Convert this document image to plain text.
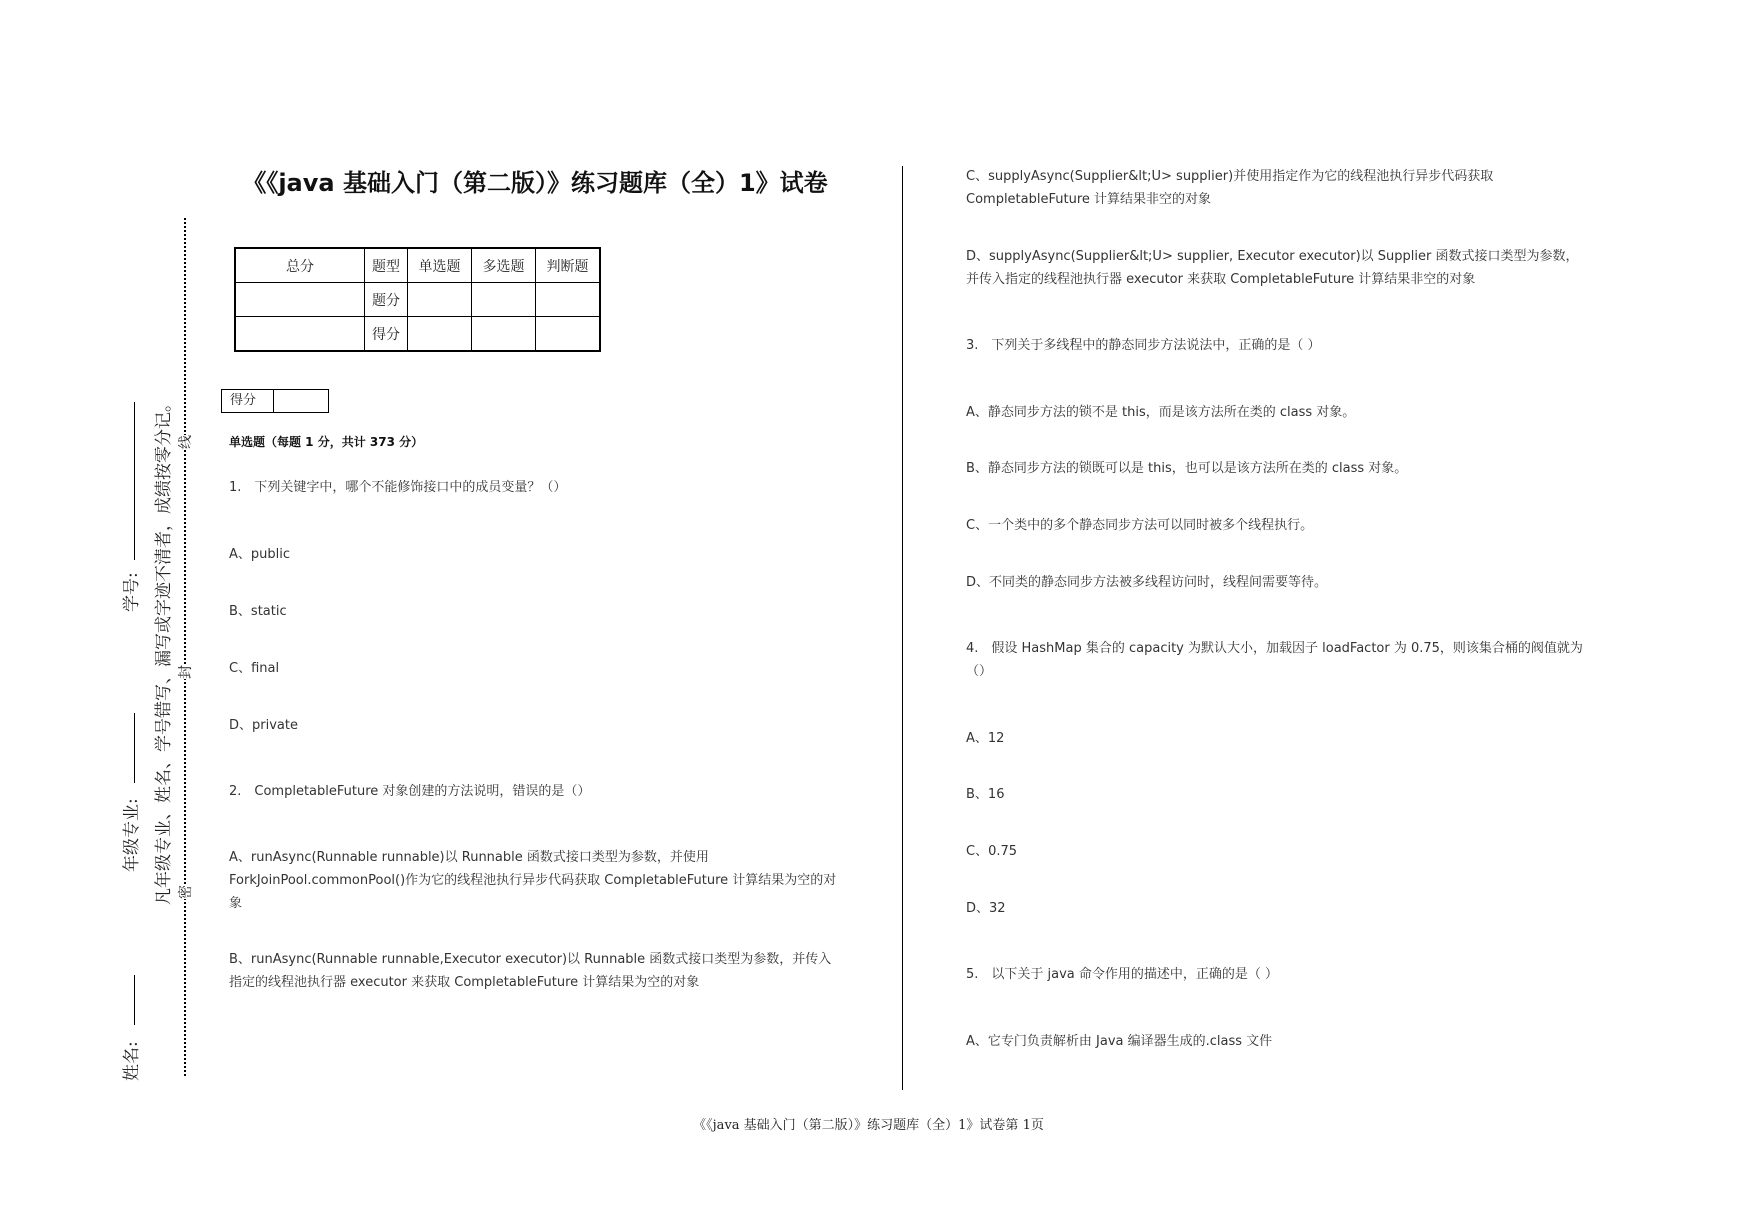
密
封
线
凡年级专业、姓名、学号错写、漏写或字迹不清者，成绩按零分记。
姓名:
年级专业:
学号:
《《java 基础入门（第二版）》练习题库（全）1》试卷
总分	题型	单选题	多选题	判断题
	题分			
	得分			
得分
单选题（每题 1 分，共计 373 分）
1.　下列关键字中，哪个不能修饰接口中的成员变量？（）
A、public
B、static
C、final
D、private
2.　CompletableFuture 对象创建的方法说明，错误的是（）
A、runAsync(Runnable runnable)以 Runnable 函数式接口类型为参数，并使用 ForkJoinPool.commonPool()作为它的线程池执行异步代码获取 CompletableFuture 计算结果为空的对象
B、runAsync(Runnable runnable,Executor executor)以 Runnable 函数式接口类型为参数，并传入指定的线程池执行器 executor 来获取 CompletableFuture 计算结果为空的对象
C、supplyAsync(Supplier&lt;U> supplier)并使用指定作为它的线程池执行异步代码获取 CompletableFuture 计算结果非空的对象
D、supplyAsync(Supplier&lt;U> supplier, Executor executor)以 Supplier 函数式接口类型为参数，并传入指定的线程池执行器 executor 来获取 CompletableFuture 计算结果非空的对象
3.　下列关于多线程中的静态同步方法说法中，正确的是（ ）
A、静态同步方法的锁不是 this，而是该方法所在类的 class 对象。
B、静态同步方法的锁既可以是 this，也可以是该方法所在类的 class 对象。
C、一个类中的多个静态同步方法可以同时被多个线程执行。
D、不同类的静态同步方法被多线程访问时，线程间需要等待。
4.　假设 HashMap 集合的 capacity 为默认大小，加载因子 loadFactor 为 0.75，则该集合桶的阀值就为（）
A、12
B、16
C、0.75
D、32
5.　以下关于 java 命令作用的描述中，正确的是（ ）
A、它专门负责解析由 Java 编译器生成的.class 文件
《《java 基础入门（第二版）》练习题库（全）1》试卷第 1页
